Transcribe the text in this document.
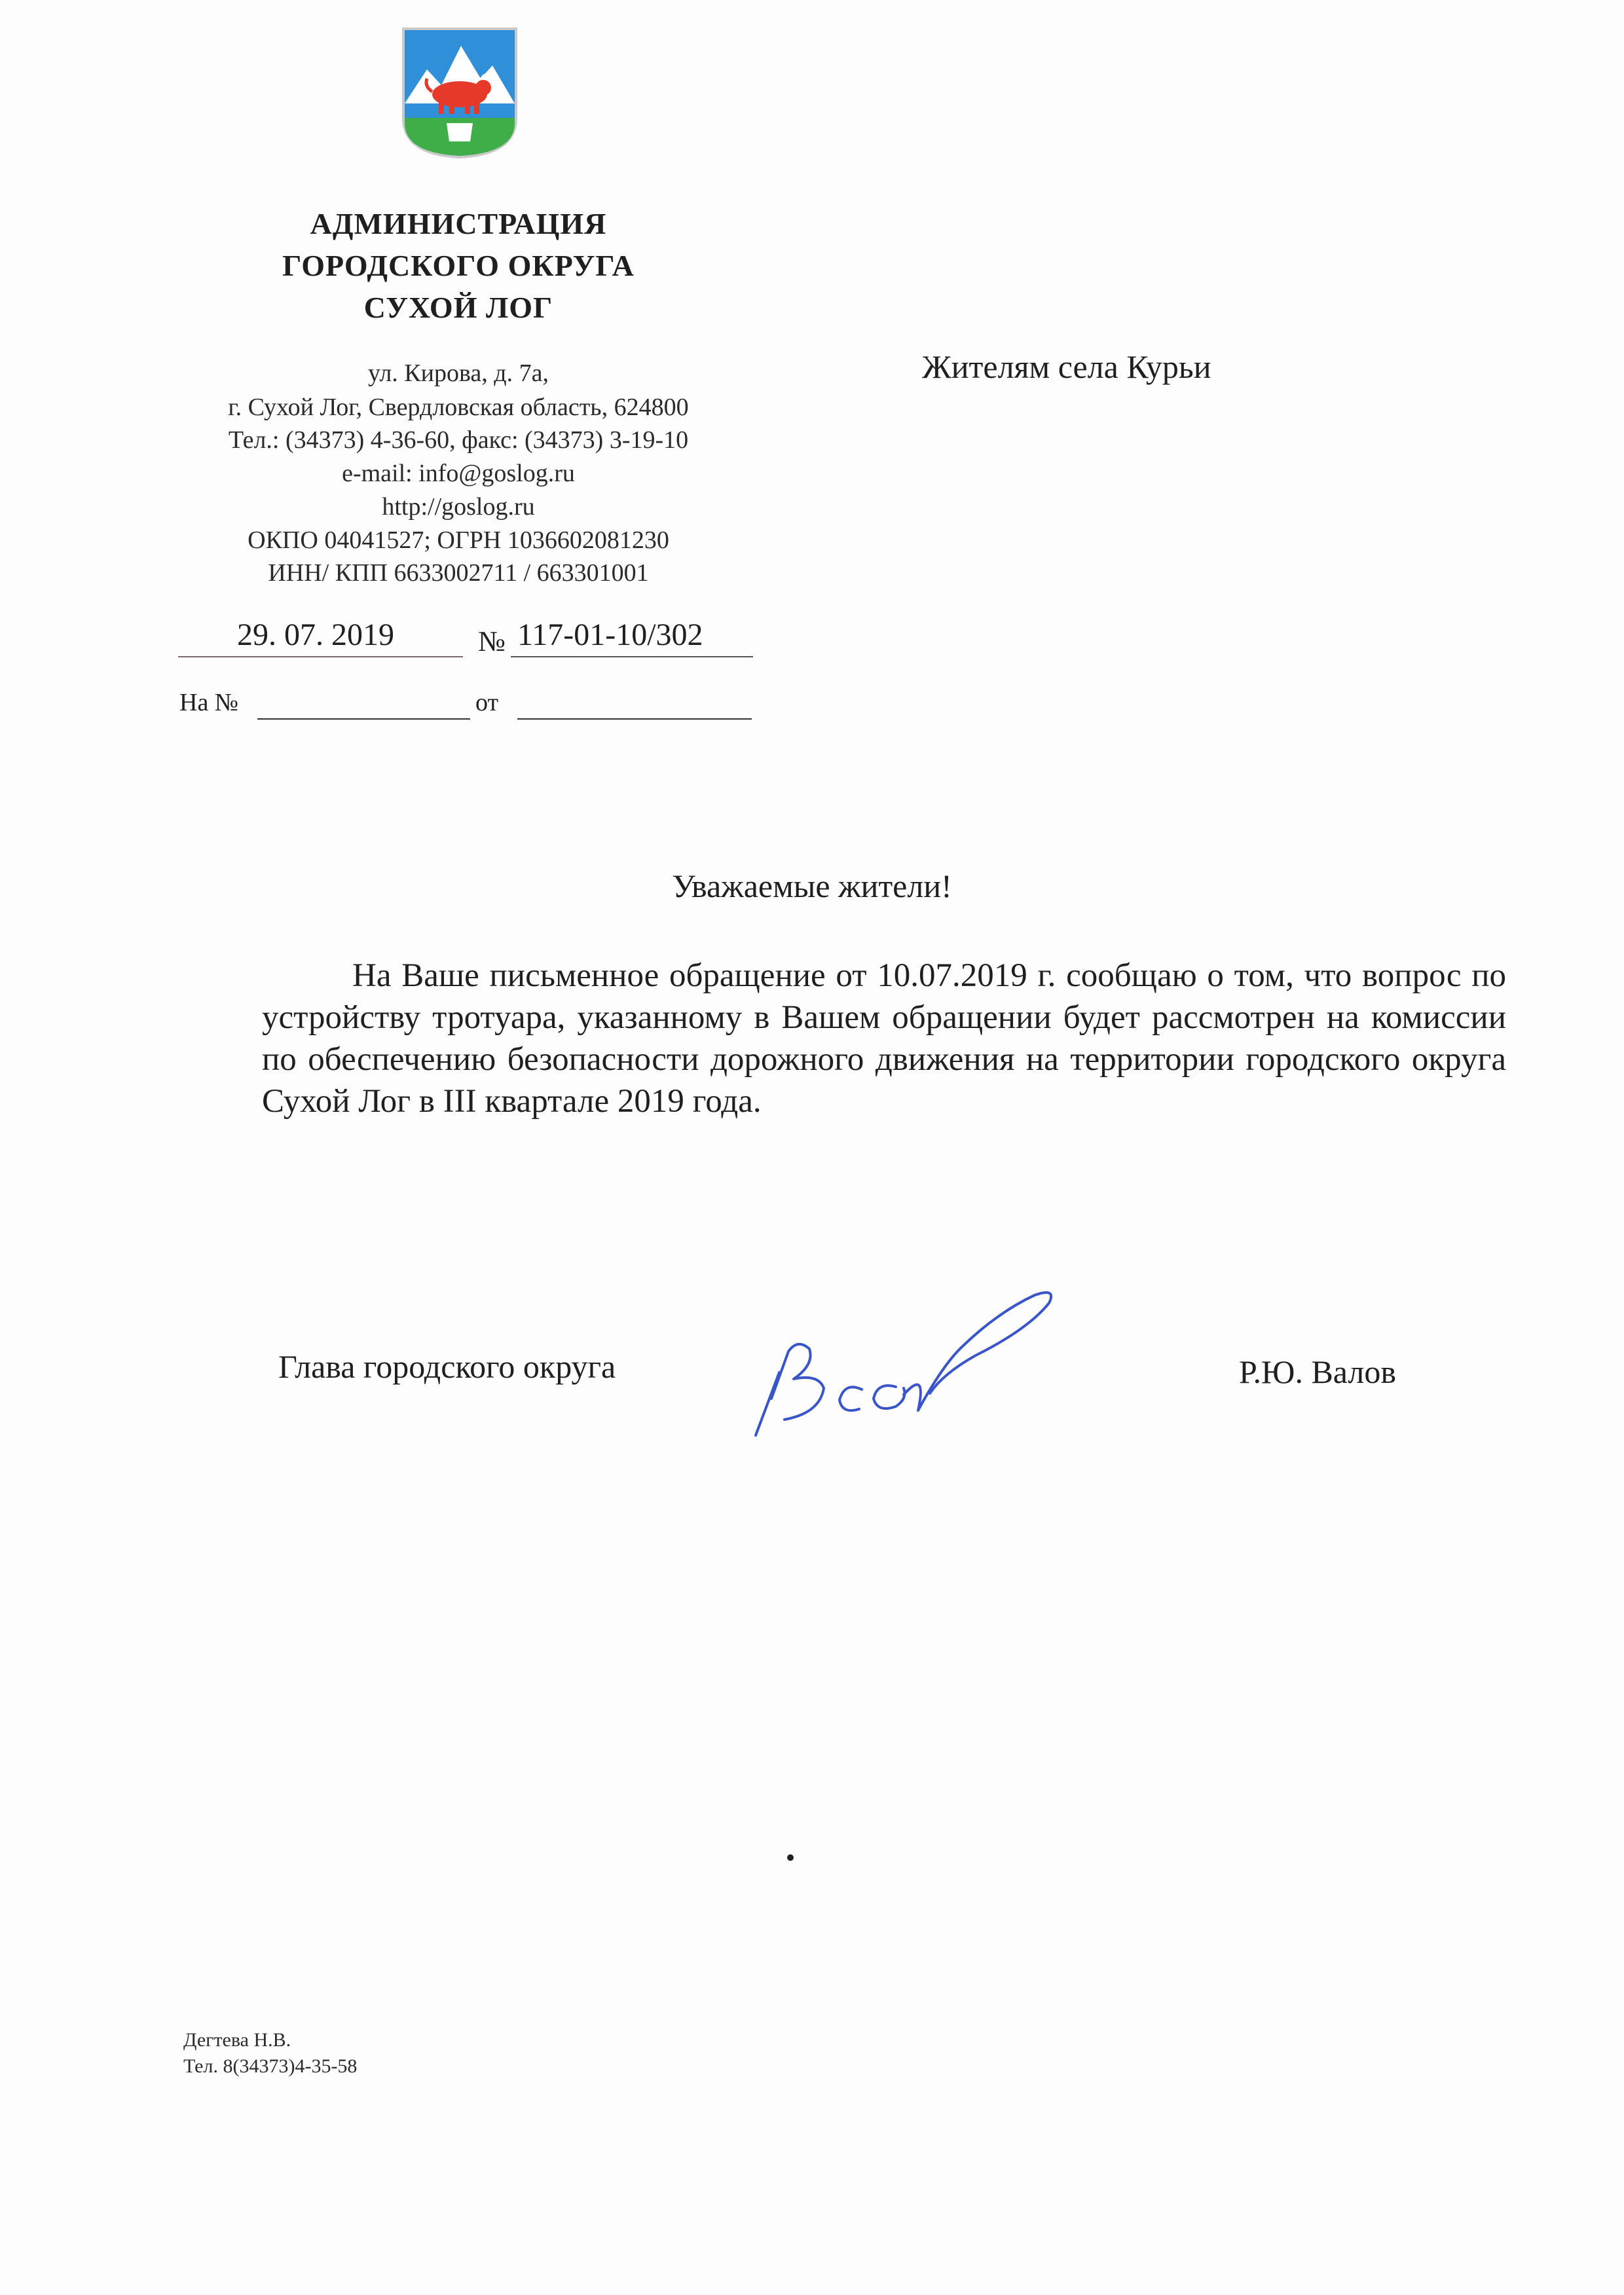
АДМИНИСТРАЦИЯ
ГОРОДСКОГО ОКРУГА
СУХОЙ ЛОГ
ул. Кирова, д. 7а,
г. Сухой Лог, Свердловская область, 624800
Тел.: (34373) 4-36-60, факс: (34373) 3-19-10
e-mail: info@goslog.ru
http://goslog.ru
ОКПО 04041527; ОГРН 1036602081230
ИНН/ КПП 6633002711 / 663301001
29. 07. 2019	№ 117-01-10/302
На №	от
Жителям села Курьи
Уважаемые жители!
На Ваше письменное обращение от 10.07.2019 г. сообщаю о том, что вопрос по устройству тротуара, указанному в Вашем обращении будет рассмотрен на комиссии по обеспечению безопасности дорожного движения на территории городского округа Сухой Лог в III квартале 2019 года.
Глава городского округа	Р.Ю. Валов
Дегтева Н.В.
Тел. 8(34373)4-35-58
